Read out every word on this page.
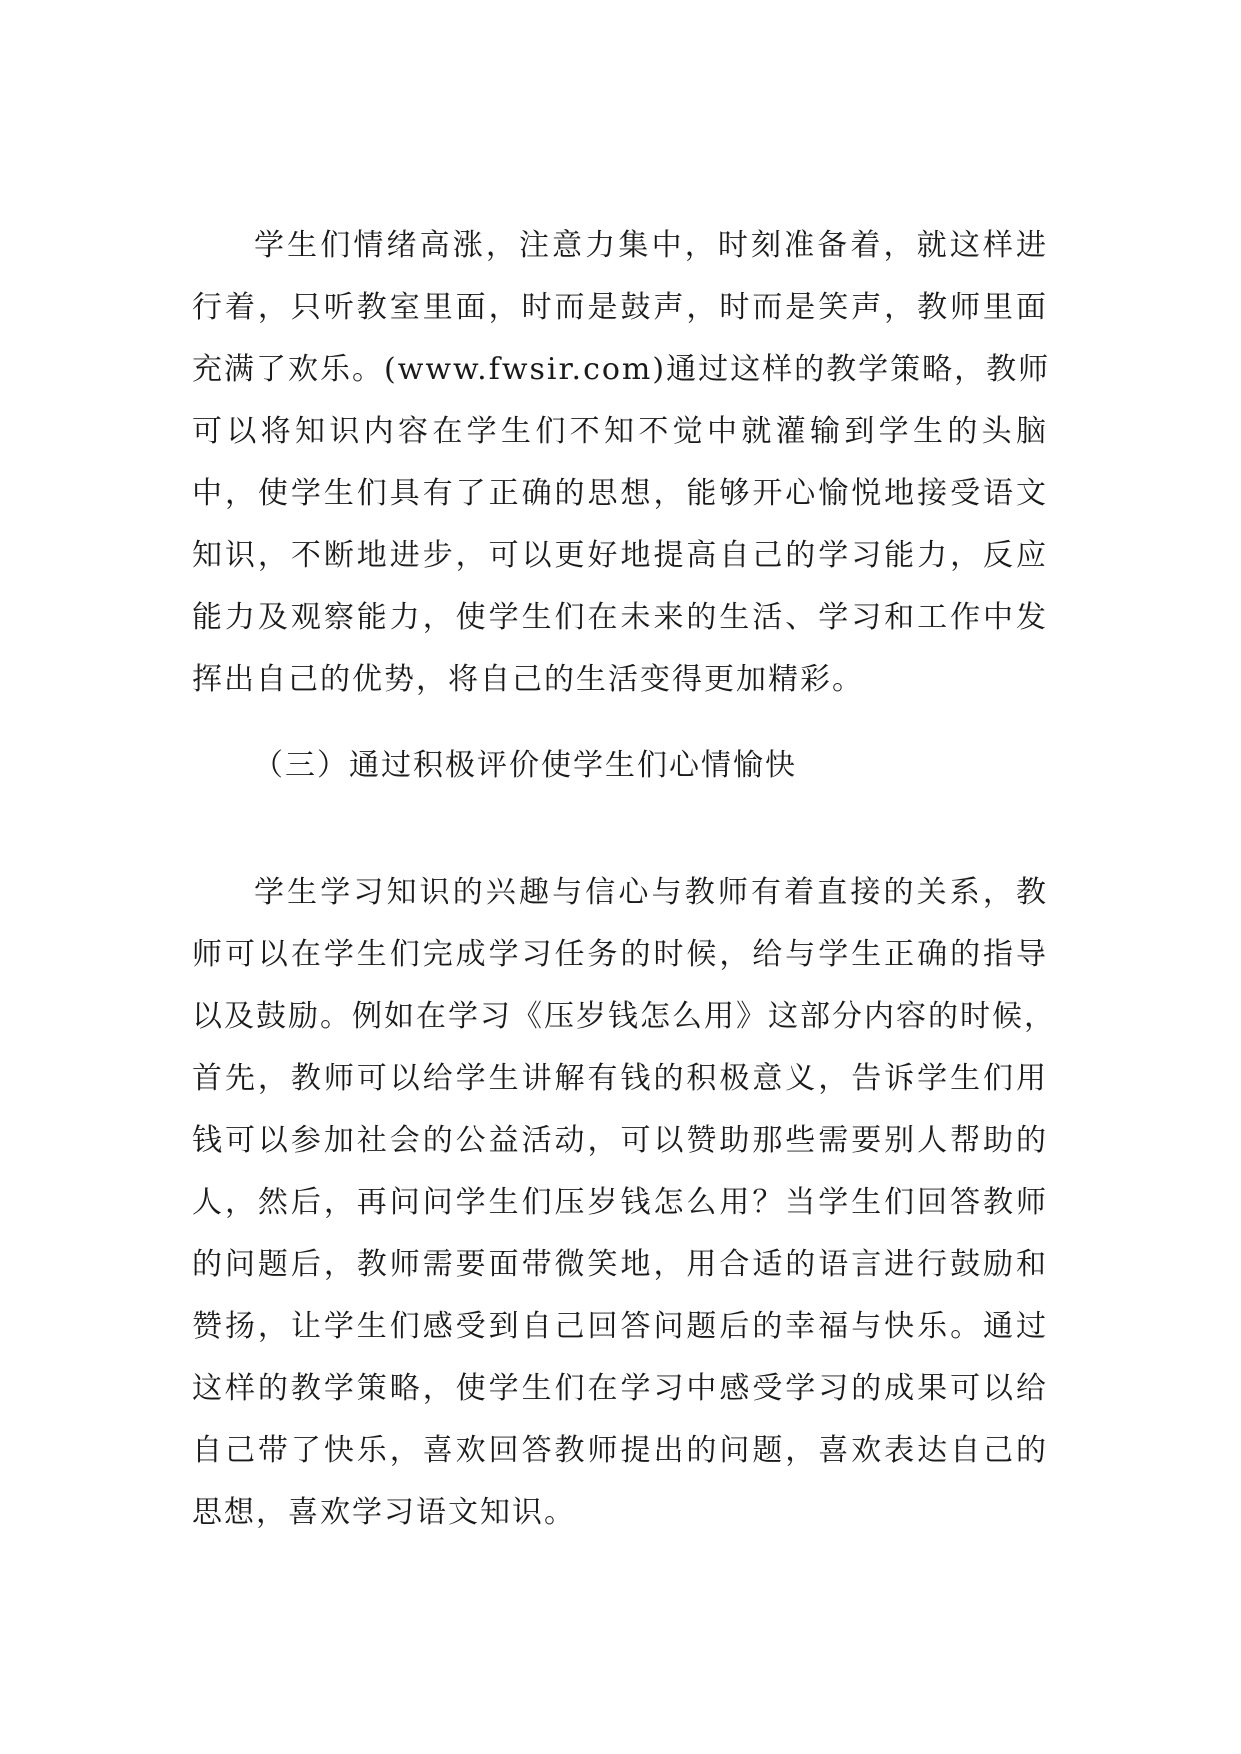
学生们情绪高涨，注意力集中，时刻准备着，就这样进
行着，只听教室里面，时而是鼓声，时而是笑声，教师里面
充满了欢乐。(www.fwsir.com)通过这样的教学策略，教师
可以将知识内容在学生们不知不觉中就灌输到学生的头脑
中，使学生们具有了正确的思想，能够开心愉悦地接受语文
知识，不断地进步，可以更好地提高自己的学习能力，反应
能力及观察能力，使学生们在未来的生活、学习和工作中发
挥出自己的优势，将自己的生活变得更加精彩。
（三）通过积极评价使学生们心情愉快
学生学习知识的兴趣与信心与教师有着直接的关系，教
师可以在学生们完成学习任务的时候，给与学生正确的指导
以及鼓励。例如在学习《压岁钱怎么用》这部分内容的时候，
首先，教师可以给学生讲解有钱的积极意义，告诉学生们用
钱可以参加社会的公益活动，可以赞助那些需要别人帮助的
人，然后，再问问学生们压岁钱怎么用？当学生们回答教师
的问题后，教师需要面带微笑地，用合适的语言进行鼓励和
赞扬，让学生们感受到自己回答问题后的幸福与快乐。通过
这样的教学策略，使学生们在学习中感受学习的成果可以给
自己带了快乐，喜欢回答教师提出的问题，喜欢表达自己的
思想，喜欢学习语文知识。
